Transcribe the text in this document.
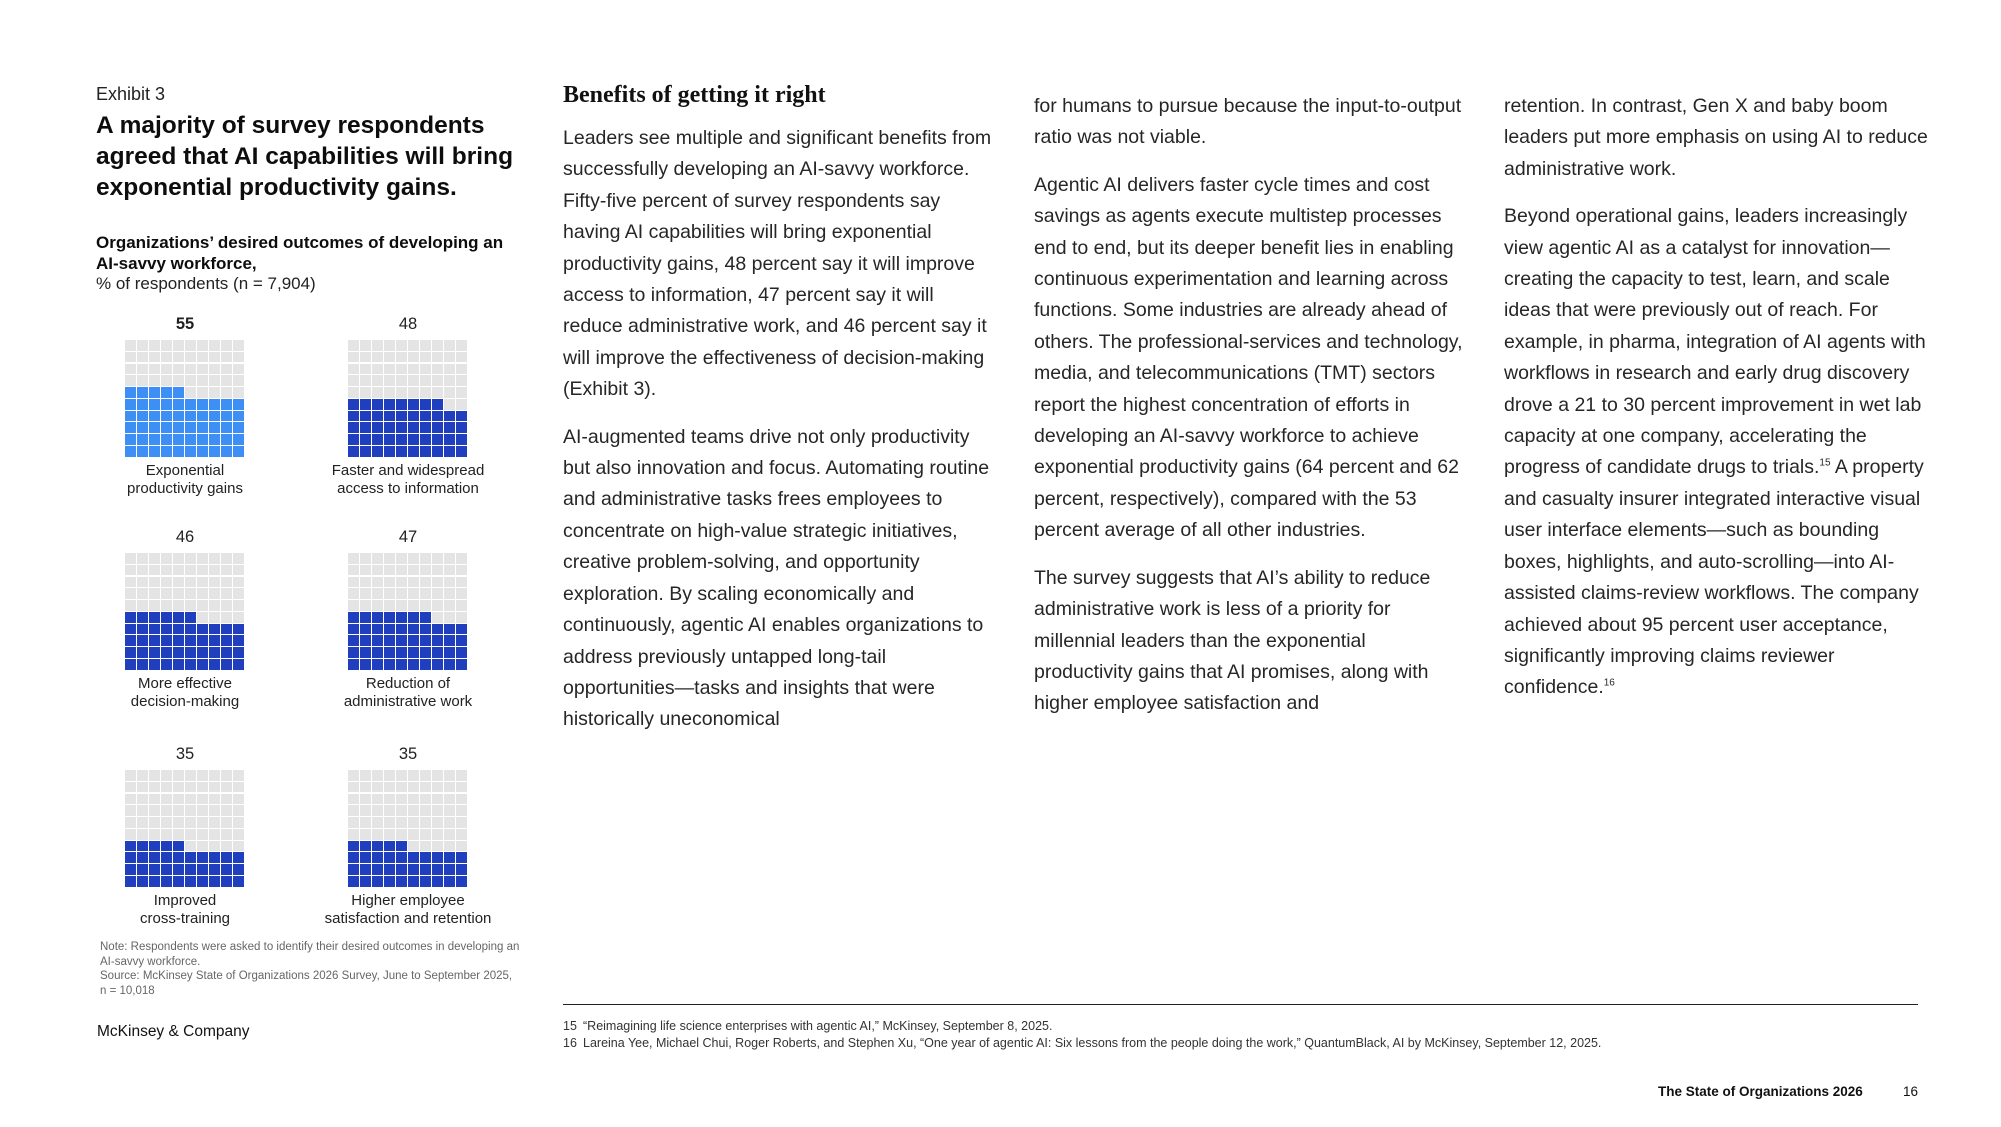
Exhibit 3
A majority of survey respondents agreed that AI capabilities will bring exponential productivity gains.
Organizations’ desired outcomes of developing an AI-savvy workforce,
% of respondents (n = 7,904)
55
Exponential
productivity gains
48
Faster and widespread
access to information
46
More effective
decision-making
47
Reduction of
administrative work
35
Improved
cross-training
35
Higher employee
satisfaction and retention
Note: Respondents were asked to identify their desired outcomes in developing an AI-savvy workforce.
Source: McKinsey State of Organizations 2026 Survey, June to September 2025, n = 10,018
McKinsey & Company
Benefits of getting it right

Leaders see multiple and significant benefits from successfully developing an AI-savvy workforce. Fifty-five percent of survey respondents say having AI capabilities will bring exponential productivity gains, 48 percent say it will improve access to information, 47 percent say it will reduce administrative work, and 46 percent say it will improve the effectiveness of decision-making (Exhibit 3).

AI-augmented teams drive not only productivity but also innovation and focus. Automating routine and administrative tasks frees employees to concentrate on high-value strategic initiatives, creative problem-solving, and opportunity exploration. By scaling economically and continuously, agentic AI enables organizations to address previously untapped long-tail opportunities—tasks and insights that were historically uneconomical

for humans to pursue because the input-to-output ratio was not viable.

Agentic AI delivers faster cycle times and cost savings as agents execute multistep processes end to end, but its deeper benefit lies in enabling continuous experimentation and learning across functions. Some industries are already ahead of others. The professional-services and technology, media, and telecommunications (TMT) sectors report the highest concentration of efforts in developing an AI-savvy workforce to achieve exponential productivity gains (64 percent and 62 percent, respectively), compared with the 53 percent average of all other industries.

The survey suggests that AI’s ability to reduce administrative work is less of a priority for millennial leaders than the exponential productivity gains that AI promises, along with higher employee satisfaction and

retention. In contrast, Gen X and baby boom leaders put more emphasis on using AI to reduce administrative work.

Beyond operational gains, leaders increasingly view agentic AI as a catalyst for innovation—creating the capacity to test, learn, and scale ideas that were previously out of reach. For example, in pharma, integration of AI agents with workflows in research and early drug discovery drove a 21 to 30 percent improvement in wet lab capacity at one company, accelerating the progress of candidate drugs to trials.$^{15}$ A property and casualty insurer integrated interactive visual user interface elements—such as bounding boxes, highlights, and auto-scrolling—into AI-assisted claims-review workflows. The company achieved about 95 percent user acceptance, significantly improving claims reviewer confidence.$^{16}$

15 “Reimagining life science enterprises with agentic AI,” McKinsey, September 8, 2025.
16 Lareina Yee, Michael Chui, Roger Roberts, and Stephen Xu, “One year of agentic AI: Six lessons from the people doing the work,” QuantumBlack, AI by McKinsey, September 12, 2025.
The State of Organizations 2026	16
